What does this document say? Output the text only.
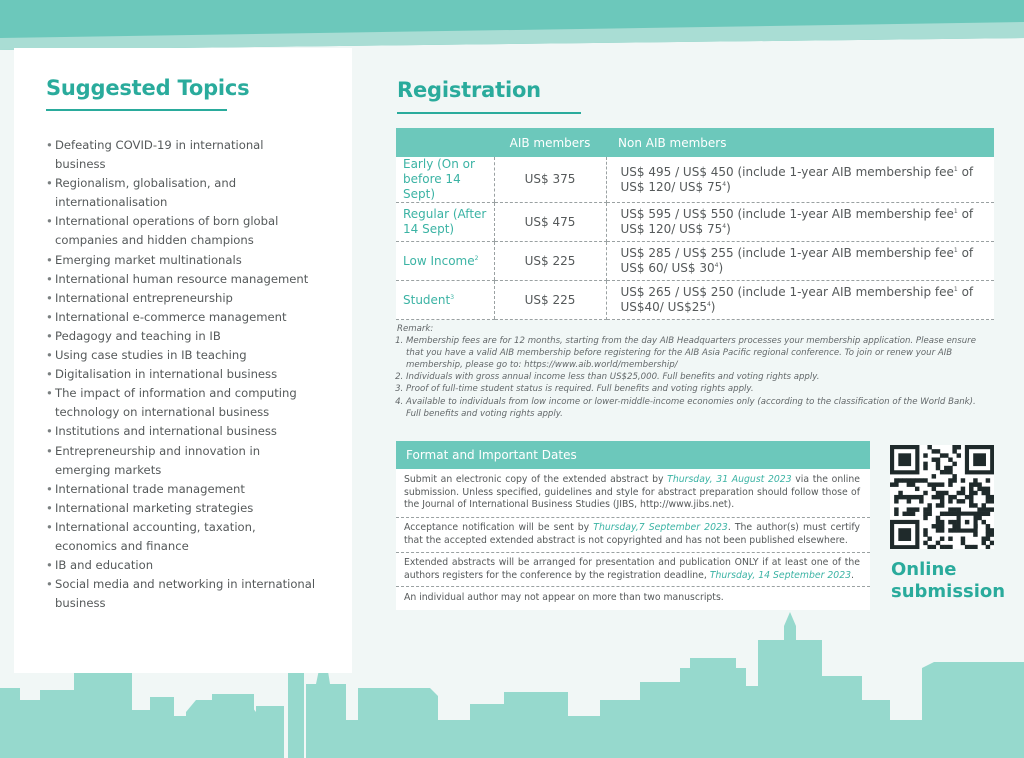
Suggested Topics
• Defeating COVID-19 in international business
• Regionalism, globalisation, and internationalisation
• International operations of born global companies and hidden champions
• Emerging market multinationals
• International human resource management
• International entrepreneurship
• International e-commerce management
• Pedagogy and teaching in IB
• Using case studies in IB teaching
• Digitalisation in international business
• The impact of information and computing technology on international business
• Institutions and international business
• Entrepreneurship and innovation in emerging markets
• International trade management
• International marketing strategies
• International accounting, taxation, economics and finance
• IB and education
• Social media and networking in international business
Registration
	AIB members	Non AIB members
Early (On or before 14 Sept)	US$ 375	US$ 495 / US$ 450 (include 1-year AIB membership fee$^1$ of US$ 120/ US$ $75^4$)
Regular (After 14 Sept)	US$ 475	US$ 595 / US$ 550 (include 1-year AIB membership fee$^1$ of US$ 120/ US$ $75^4$)
Low Income$^2$	US$ 225	US$ 285 / US$ 255 (include 1-year AIB membership fee$^1$ of US$ 60/ US$ $30^4$)
Student$^3$	US$ 225	US$ 265 / US$ 250 (include 1-year AIB membership fee$^1$ of US$40/ $US\$25^4$)
Remark:
1. Membership fees are for 12 months, starting from the day AIB Headquarters processes your membership application. Please ensure that you have a valid AIB membership before registering for the AIB Asia Pacific regional conference. To join or renew your AIB membership, please go to: https://www.aib.world/membership/
2. Individuals with gross annual income less than US$25,000. Full benefits and voting rights apply.
3. Proof of full-time student status is required. Full benefits and voting rights apply.
4. Available to individuals from low income or lower-middle-income economies only (according to the classification of the World Bank). Full benefits and voting rights apply.
Format and Important Dates
Submit an electronic copy of the extended abstract by Thursday, 31 August 2023 via the online submission. Unless specified, guidelines and style for abstract preparation should follow those of the Journal of International Business Studies (JIBS, http://www.jibs.net).
Acceptance notification will be sent by Thursday,7 September 2023. The author(s) must certify that the accepted extended abstract is not copyrighted and has not been published elsewhere.
Extended abstracts will be arranged for presentation and publication ONLY if at least one of the authors registers for the conference by the registration deadline, Thursday, 14 September 2023.
An individual author may not appear on more than two manuscripts.
Online
submission
